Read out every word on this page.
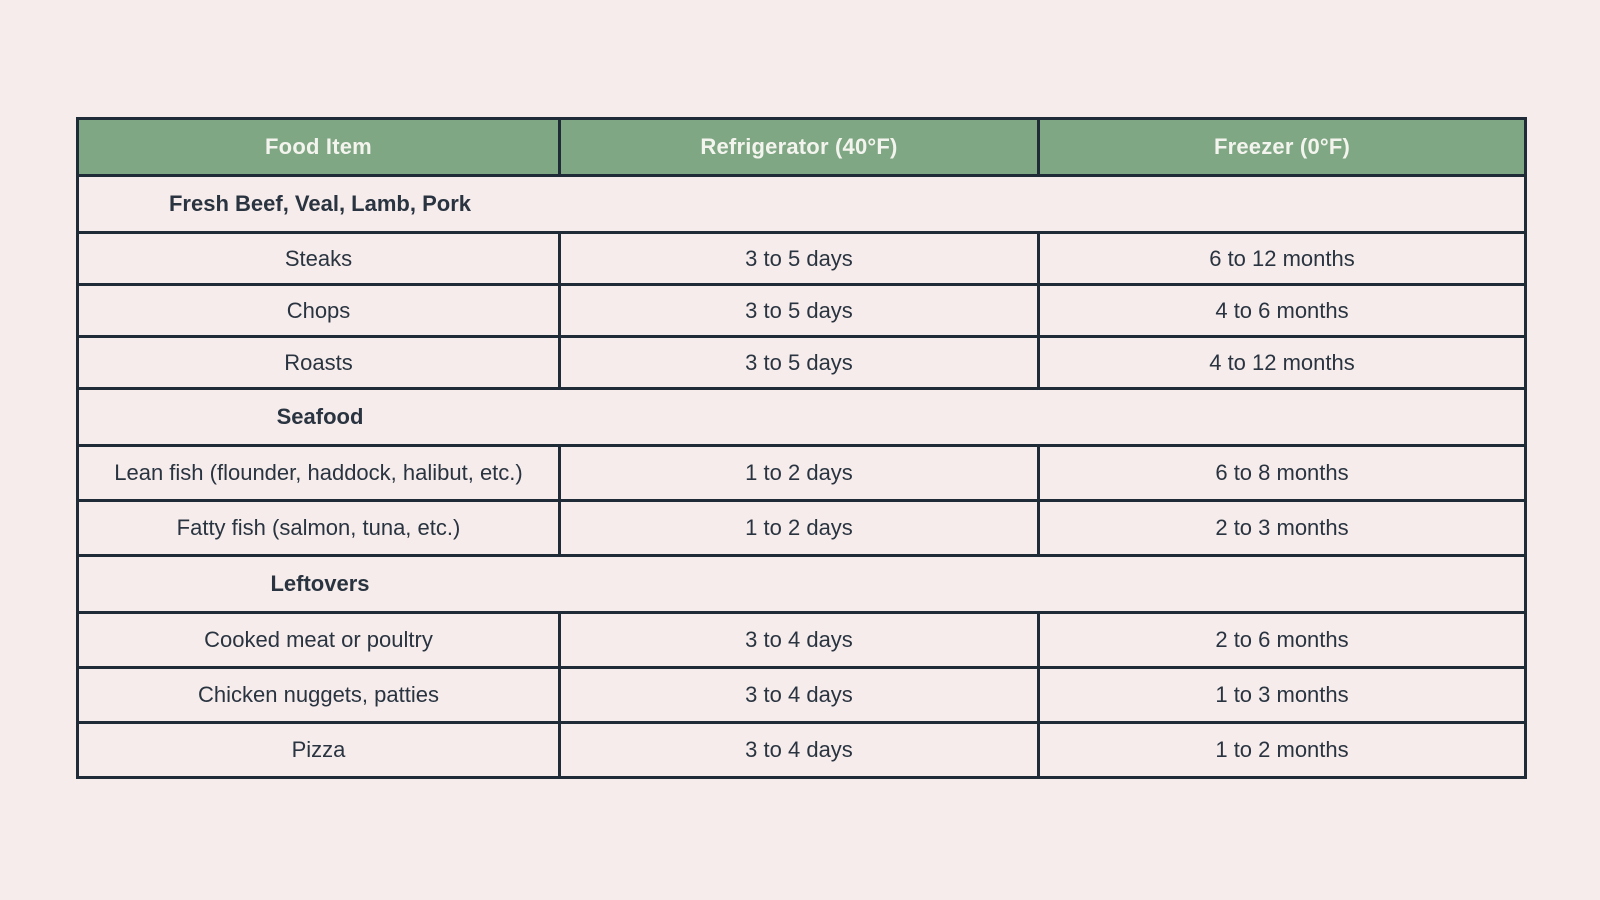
Food Item	Refrigerator (40°F)	Freezer (0°F)
Fresh Beef, Veal, Lamb, Pork		
Steaks	3 to 5 days	6 to 12 months
Chops	3 to 5 days	4 to 6 months
Roasts	3 to 5 days	4 to 12 months
Seafood		
Lean fish (flounder, haddock, halibut, etc.)	1 to 2 days	6 to 8 months
Fatty fish (salmon, tuna, etc.)	1 to 2 days	2 to 3 months
Leftovers		
Cooked meat or poultry	3 to 4 days	2 to 6 months
Chicken nuggets, patties	3 to 4 days	1 to 3 months
Pizza	3 to 4 days	1 to 2 months
